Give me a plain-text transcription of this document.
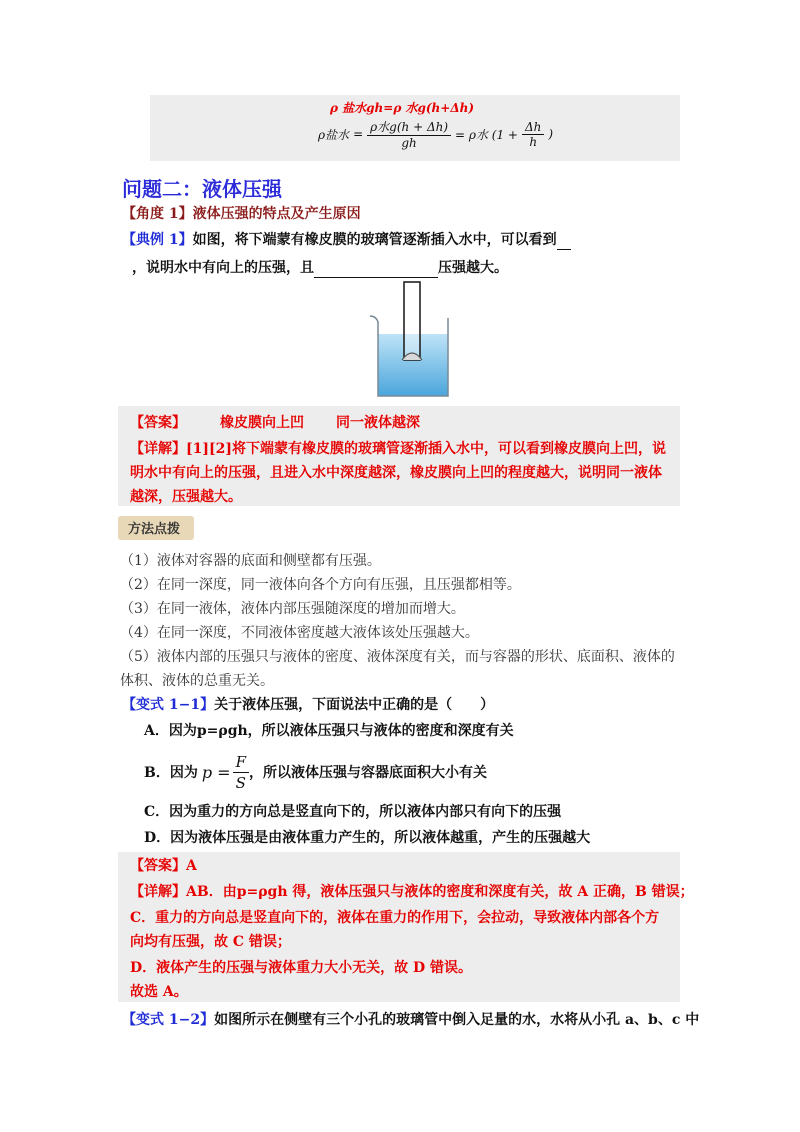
ρ 盐水gh=ρ 水g(h+Δh)
ρ盐水 = $\frac{\text{ρ水g(h + Δh)}}{gh} = \rho$水 ($1 + \frac{\Delta h}{h}$ )
问题二：液体压强
【角度 1】液体压强的特点及产生原因
【典例 1】如图，将下端蒙有橡皮膜的玻璃管逐渐插入水中，可以看到
，说明水中有向上的压强，且	压强越大。
【答案】 橡皮膜向上凹 同一液体越深
【详解】[1][2]将下端蒙有橡皮膜的玻璃管逐渐插入水中，可以看到橡皮膜向上凹，说
明水中有向上的压强，且进入水中深度越深，橡皮膜向上凹的程度越大，说明同一液体
越深，压强越大。
方法点拨
（1）液体对容器的底面和侧壁都有压强。
（2）在同一深度，同一液体向各个方向有压强，且压强都相等。
（3）在同一液体，液体内部压强随深度的增加而增大。
（4）在同一深度，不同液体密度越大液体该处压强越大。
（5）液体内部的压强只与液体的密度、液体深度有关，而与容器的形状、底面积、液体的
体积、液体的总重无关。
【变式 1−1】关于液体压强，下面说法中正确的是（　　）
A．因为p=ρgh，所以液体压强只与液体的密度和深度有关
B．因为 $p = \frac{F}{S}$ ，所以液体压强与容器底面积大小有关
C．因为重力的方向总是竖直向下的，所以液体内部只有向下的压强
D．因为液体压强是由液体重力产生的，所以液体越重，产生的压强越大
【答案】A
【详解】AB．由p=ρgh 得，液体压强只与液体的密度和深度有关，故 A 正确，B 错误；
C．重力的方向总是竖直向下的，液体在重力的作用下，会拉动，导致液体内部各个方
向均有压强，故 C 错误；
D．液体产生的压强与液体重力大小无关，故 D 错误。
故选 A。
【变式 1−2】如图所示在侧壁有三个小孔的玻璃管中倒入足量的水，水将从小孔 a、b、c 中
